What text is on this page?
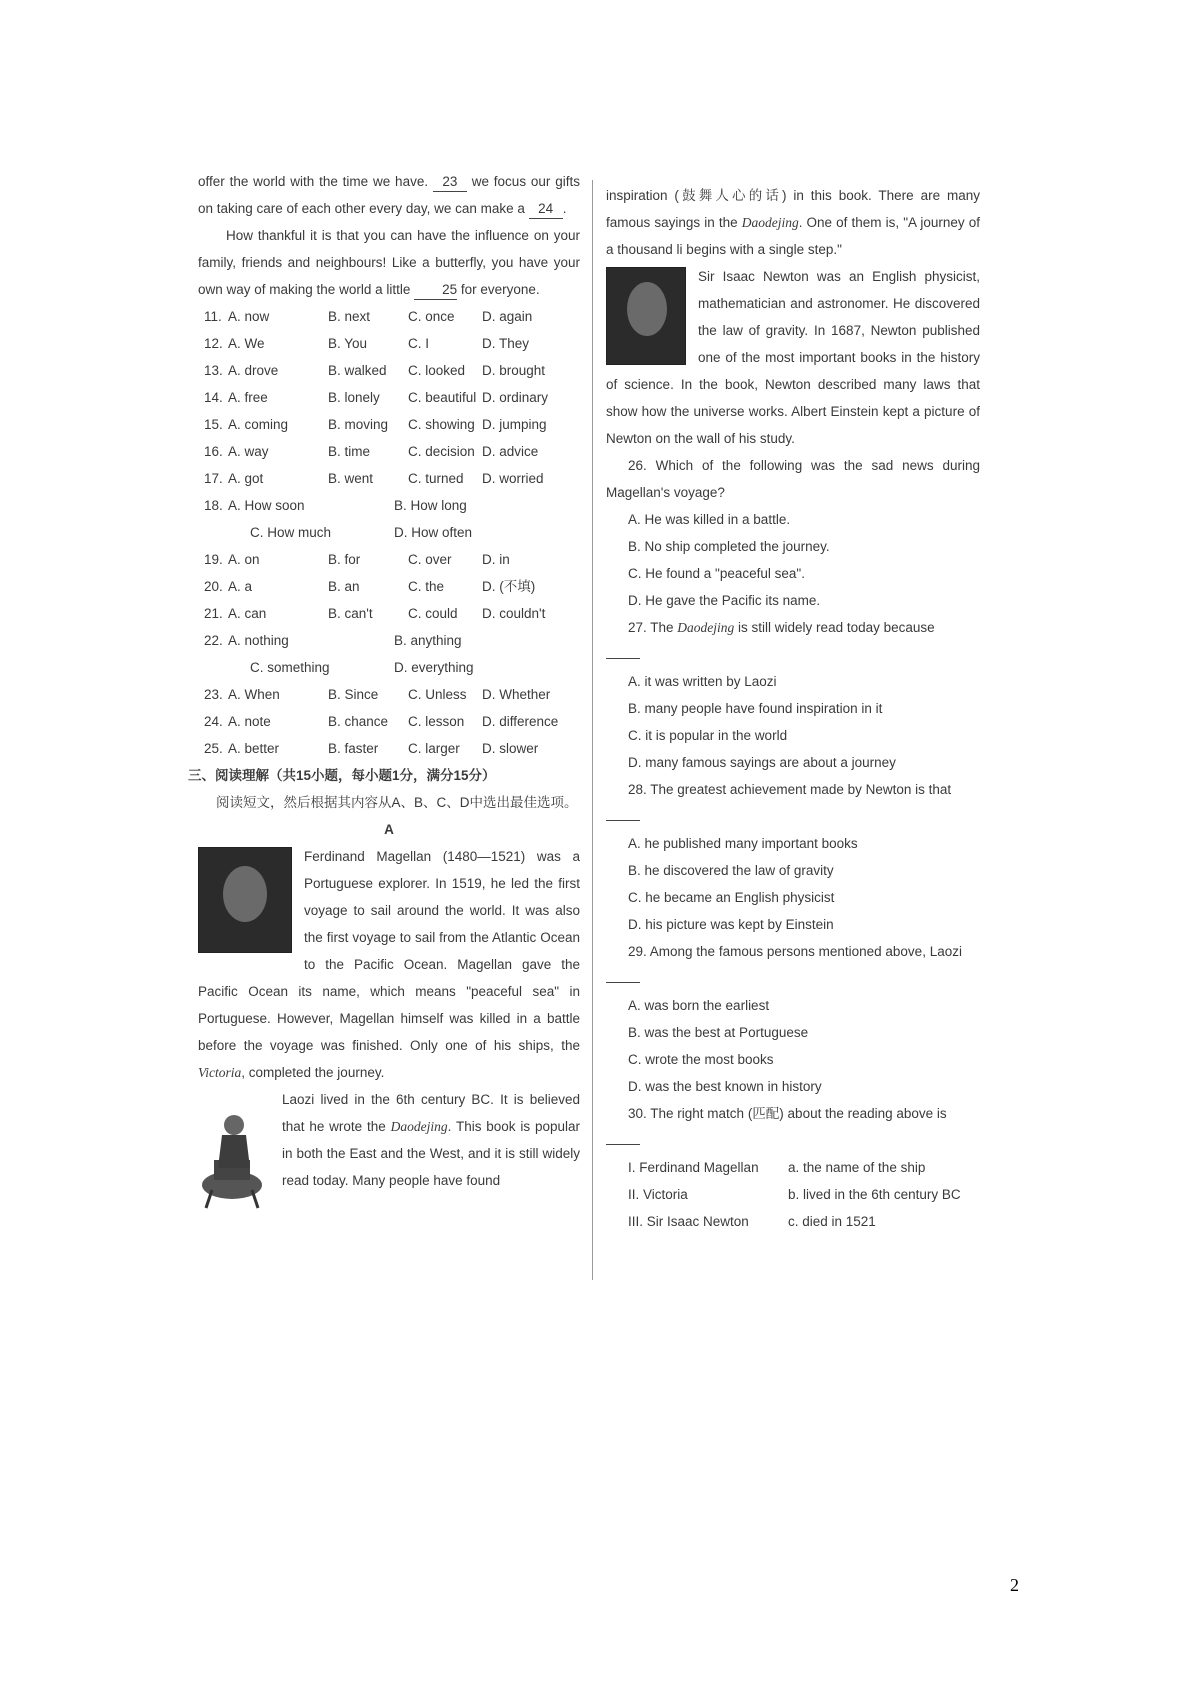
offer the world with the time we have. 23 we focus our gifts on taking care of each other every day, we can make a 24 .

How thankful it is that you can have the influence on your family, friends and neighbours! Like a butterfly, you have your own way of making the world a little 25 for everyone.

11. A. now	B. next	C. once D. again
12. A. We	B. You	C. I	D. They
13. A. drove	B. walked C. looked D. brought
14. A. free	B. lonely C. beautiful D. ordinary
15. A. coming	B. moving C. showing D. jumping
16. A. way	B. time	C. decision D. advice
17. A. got	B. went	C. turned D. worried
18. A. How soon	B. How long
C. How much	D. How often
19. A. on	B. for	C. over D. in
20. A. a	B. an	C. the	D. (不填)
21. A. can	B. can't	C. could D. couldn't
22. A. nothing	B. anything
C. something	D. everything
23. A. When	B. Since C. Unless D. Whether
24. A. note	B. chance C. lesson D. difference
25. A. better	B. faster C. larger D. slower

三、阅读理解（共15小题，每小题1分，满分15分）

阅读短文，然后根据其内容从A、B、C、D中选出最佳选项。

A

Ferdinand Magellan (1480—1521) was a Portuguese explorer. In 1519, he led the first voyage to sail around the world. It was also the first voyage to sail from the Atlantic Ocean to the Pacific Ocean. Magellan gave the Pacific Ocean its name, which means "peaceful sea" in Portuguese. However, Magellan himself was killed in a battle before the voyage was finished. Only one of his ships, the Victoria, completed the journey.

Laozi lived in the 6th century BC. It is believed that he wrote the Daodejing. This book is popular in both the East and the West, and it is still widely read today. Many people have found

inspiration (鼓舞人心的话) in this book. There are many famous sayings in the Daodejing. One of them is, "A journey of a thousand li begins with a single step."

Sir Isaac Newton was an English physicist, mathematician and astronomer. He discovered the law of gravity. In 1687, Newton published one of the most important books in the history of science. In the book, Newton described many laws that show how the universe works. Albert Einstein kept a picture of Newton on the wall of his study.

26. Which of the following was the sad news during Magellan's voyage?

A. He was killed in a battle.

B. No ship completed the journey.

C. He found a "peaceful sea".

D. He gave the Pacific its name.

27. The Daodejing is still widely read today because

A. it was written by Laozi

B. many people have found inspiration in it

C. it is popular in the world

D. many famous sayings are about a journey

28. The greatest achievement made by Newton is that

A. he published many important books

B. he discovered the law of gravity

C. he became an English physicist

D. his picture was kept by Einstein

29. Among the famous persons mentioned above, Laozi

A. was born the earliest

B. was the best at Portuguese

C. wrote the most books

D. was the best known in history

30. The right match (匹配) about the reading above is

I. Ferdinand Magellan a. the name of the ship
II. Victoria	b. lived in the 6th century BC
III. Sir Isaac Newton	c. died in 1521
2
